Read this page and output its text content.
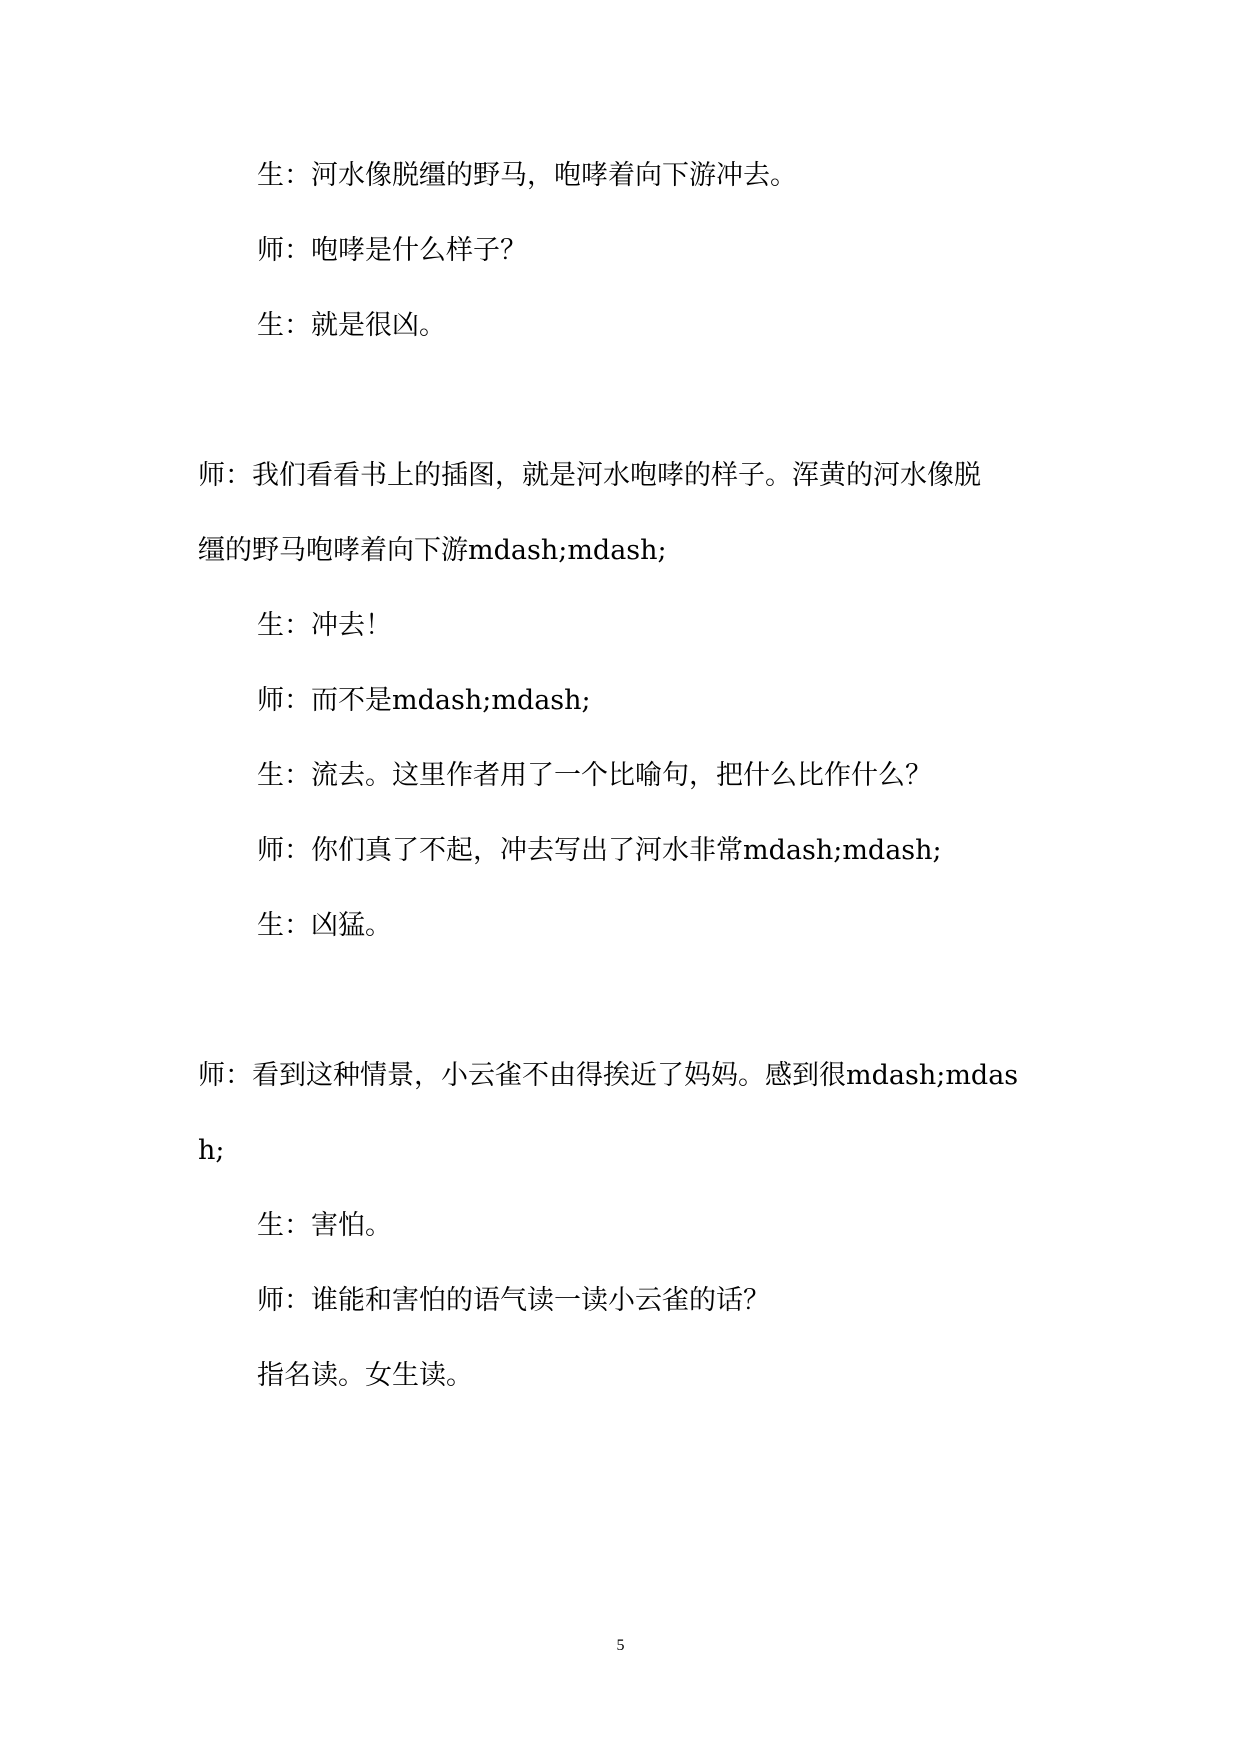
生：河水像脱缰的野马，咆哮着向下游冲去。

师：咆哮是什么样子？

生：就是很凶。

师：我们看看书上的插图，就是河水咆哮的样子。浑黄的河水像脱

缰的野马咆哮着向下游mdash;mdash;

生：冲去！

师：而不是mdash;mdash;

生：流去。这里作者用了一个比喻句，把什么比作什么？

师：你们真了不起，冲去写出了河水非常mdash;mdash;

生：凶猛。

师：看到这种情景，小云雀不由得挨近了妈妈。感到很mdash;mdas

h;

生：害怕。

师：谁能和害怕的语气读一读小云雀的话？

指名读。女生读。

5
